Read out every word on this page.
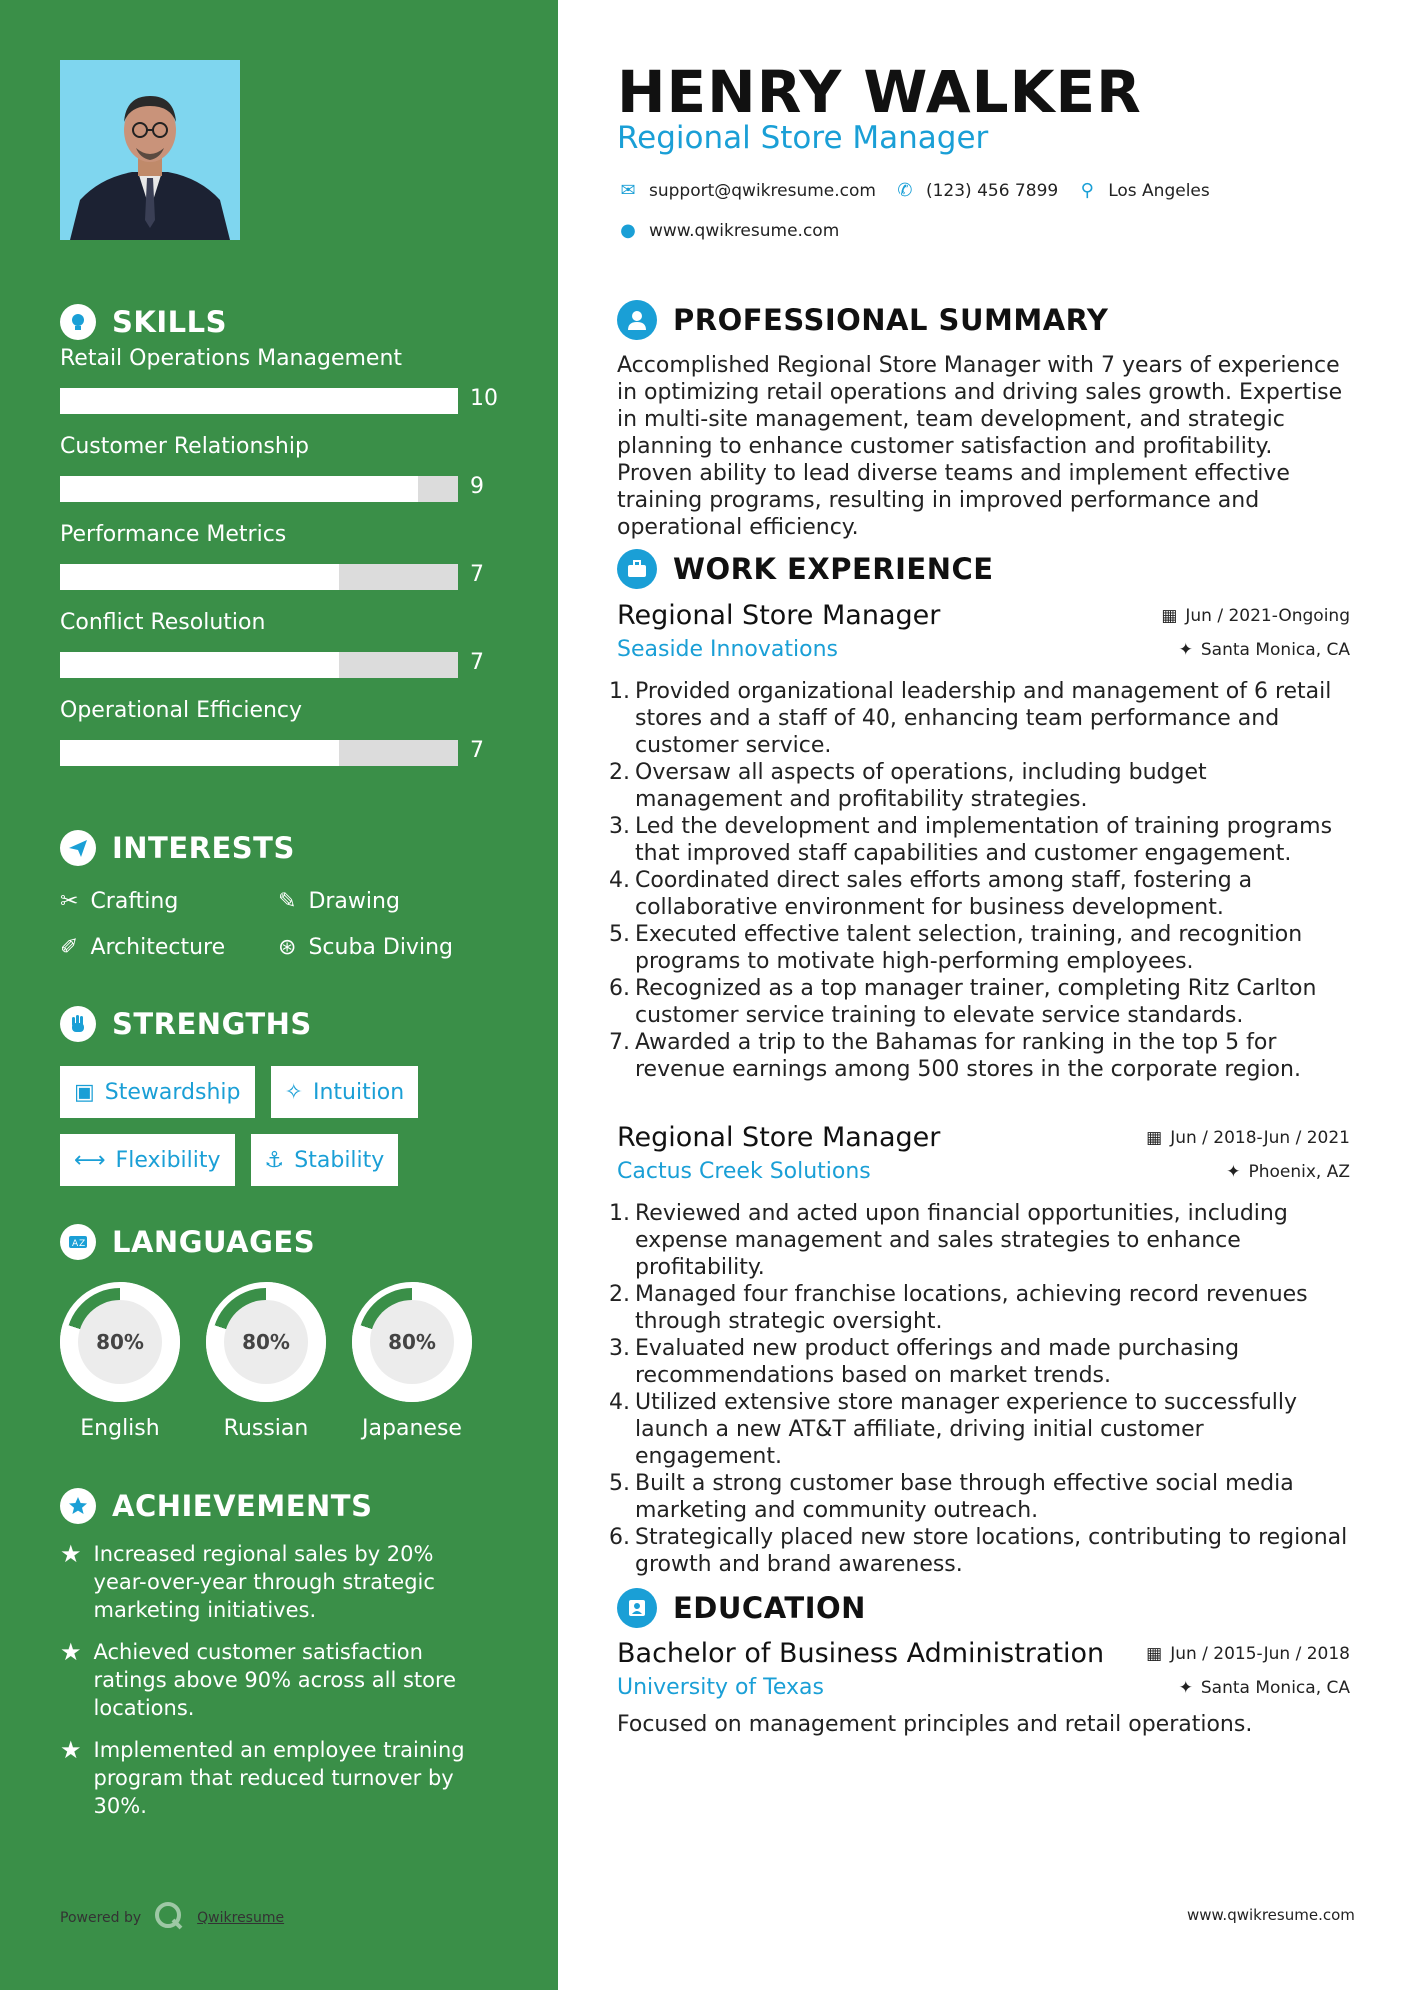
SKILLS
Retail Operations Management
10
Customer Relationship
9
Performance Metrics
7
Conflict Resolution
7
Operational Efficiency
7
INTERESTS
✂ Crafting	✎ Drawing
✐ Architecture ⊛ Scuba Diving
STRENGTHS
▣ Stewardship ✧ Intuition
⟷ Flexibility ⚓ Stability
A Z LANGUAGES
80%
English
80%
Russian
80%
Japanese
ACHIEVEMENTS
★ Increased regional sales by 20% year-over-year through strategic marketing initiatives.
★ Achieved customer satisfaction ratings above 90% across all store locations.
★ Implemented an employee training program that reduced turnover by 30%.
Powered by	Qwikresume
HENRY WALKER
Regional Store Manager
✉ support@qwikresume.com ✆ (123) 456 7899 ⚲ Los Angeles
● www.qwikresume.com
PROFESSIONAL SUMMARY
Accomplished Regional Store Manager with 7 years of experience in optimizing retail operations and driving sales growth. Expertise in multi-site management, team development, and strategic planning to enhance customer satisfaction and profitability. Proven ability to lead diverse teams and implement effective training programs, resulting in improved performance and operational efficiency.
WORK EXPERIENCE
Regional Store Manager	▦ Jun / 2021-Ongoing
Seaside Innovations	✦ Santa Monica, CA
1. Provided organizational leadership and management of 6 retail stores and a staff of 40, enhancing team performance and customer service.
2. Oversaw all aspects of operations, including budget management and profitability strategies.
3. Led the development and implementation of training programs that improved staff capabilities and customer engagement.
4. Coordinated direct sales efforts among staff, fostering a collaborative environment for business development.
5. Executed effective talent selection, training, and recognition programs to motivate high-performing employees.
6. Recognized as a top manager trainer, completing Ritz Carlton customer service training to elevate service standards.
7. Awarded a trip to the Bahamas for ranking in the top 5 for revenue earnings among 500 stores in the corporate region.
Regional Store Manager	▦ Jun / 2018-Jun / 2021
Cactus Creek Solutions	✦ Phoenix, AZ
1. Reviewed and acted upon financial opportunities, including expense management and sales strategies to enhance profitability.
2. Managed four franchise locations, achieving record revenues through strategic oversight.
3. Evaluated new product offerings and made purchasing recommendations based on market trends.
4. Utilized extensive store manager experience to successfully launch a new AT&T affiliate, driving initial customer engagement.
5. Built a strong customer base through effective social media marketing and community outreach.
6. Strategically placed new store locations, contributing to regional growth and brand awareness.
EDUCATION
Bachelor of Business Administration ▦ Jun / 2015-Jun / 2018
University of Texas	✦ Santa Monica, CA
Focused on management principles and retail operations.
www.qwikresume.com
